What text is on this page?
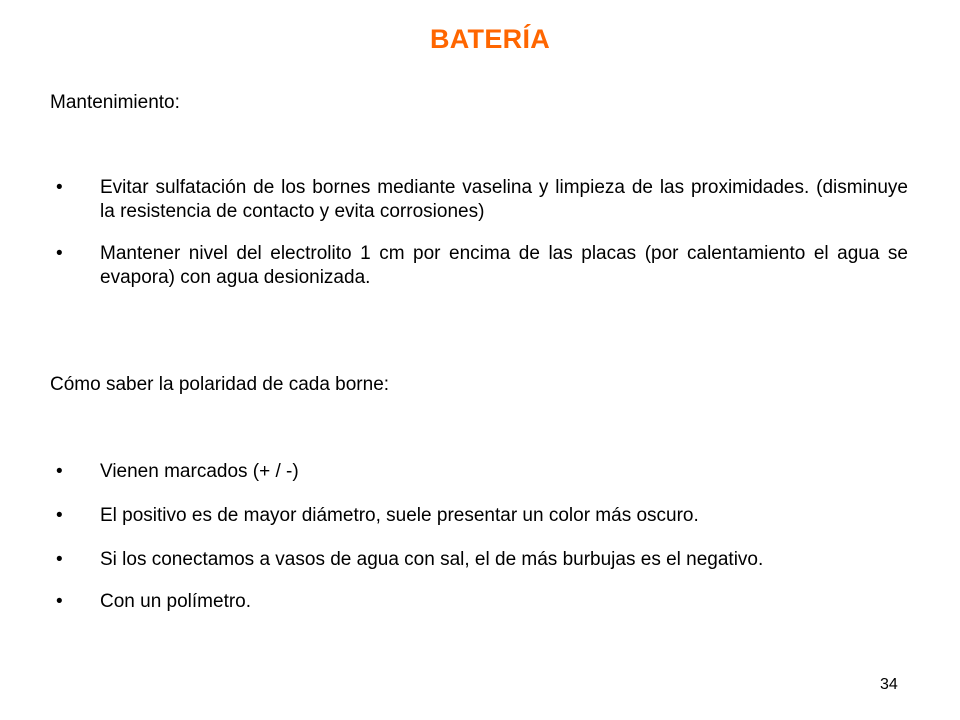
BATERÍA
Mantenimiento:
• Evitar sulfatación de los bornes mediante vaselina y limpieza de las proximidades. (disminuye la resistencia de contacto y evita corrosiones)
• Mantener nivel del electrolito 1 cm por encima de las placas (por calentamiento el agua se evapora) con agua desionizada.
Cómo saber la polaridad de cada borne:
• Vienen marcados (+ / -)
• El positivo es de mayor diámetro, suele presentar un color más oscuro.
• Si los conectamos a vasos de agua con sal, el de más burbujas es el negativo.
• Con un polímetro.
34
